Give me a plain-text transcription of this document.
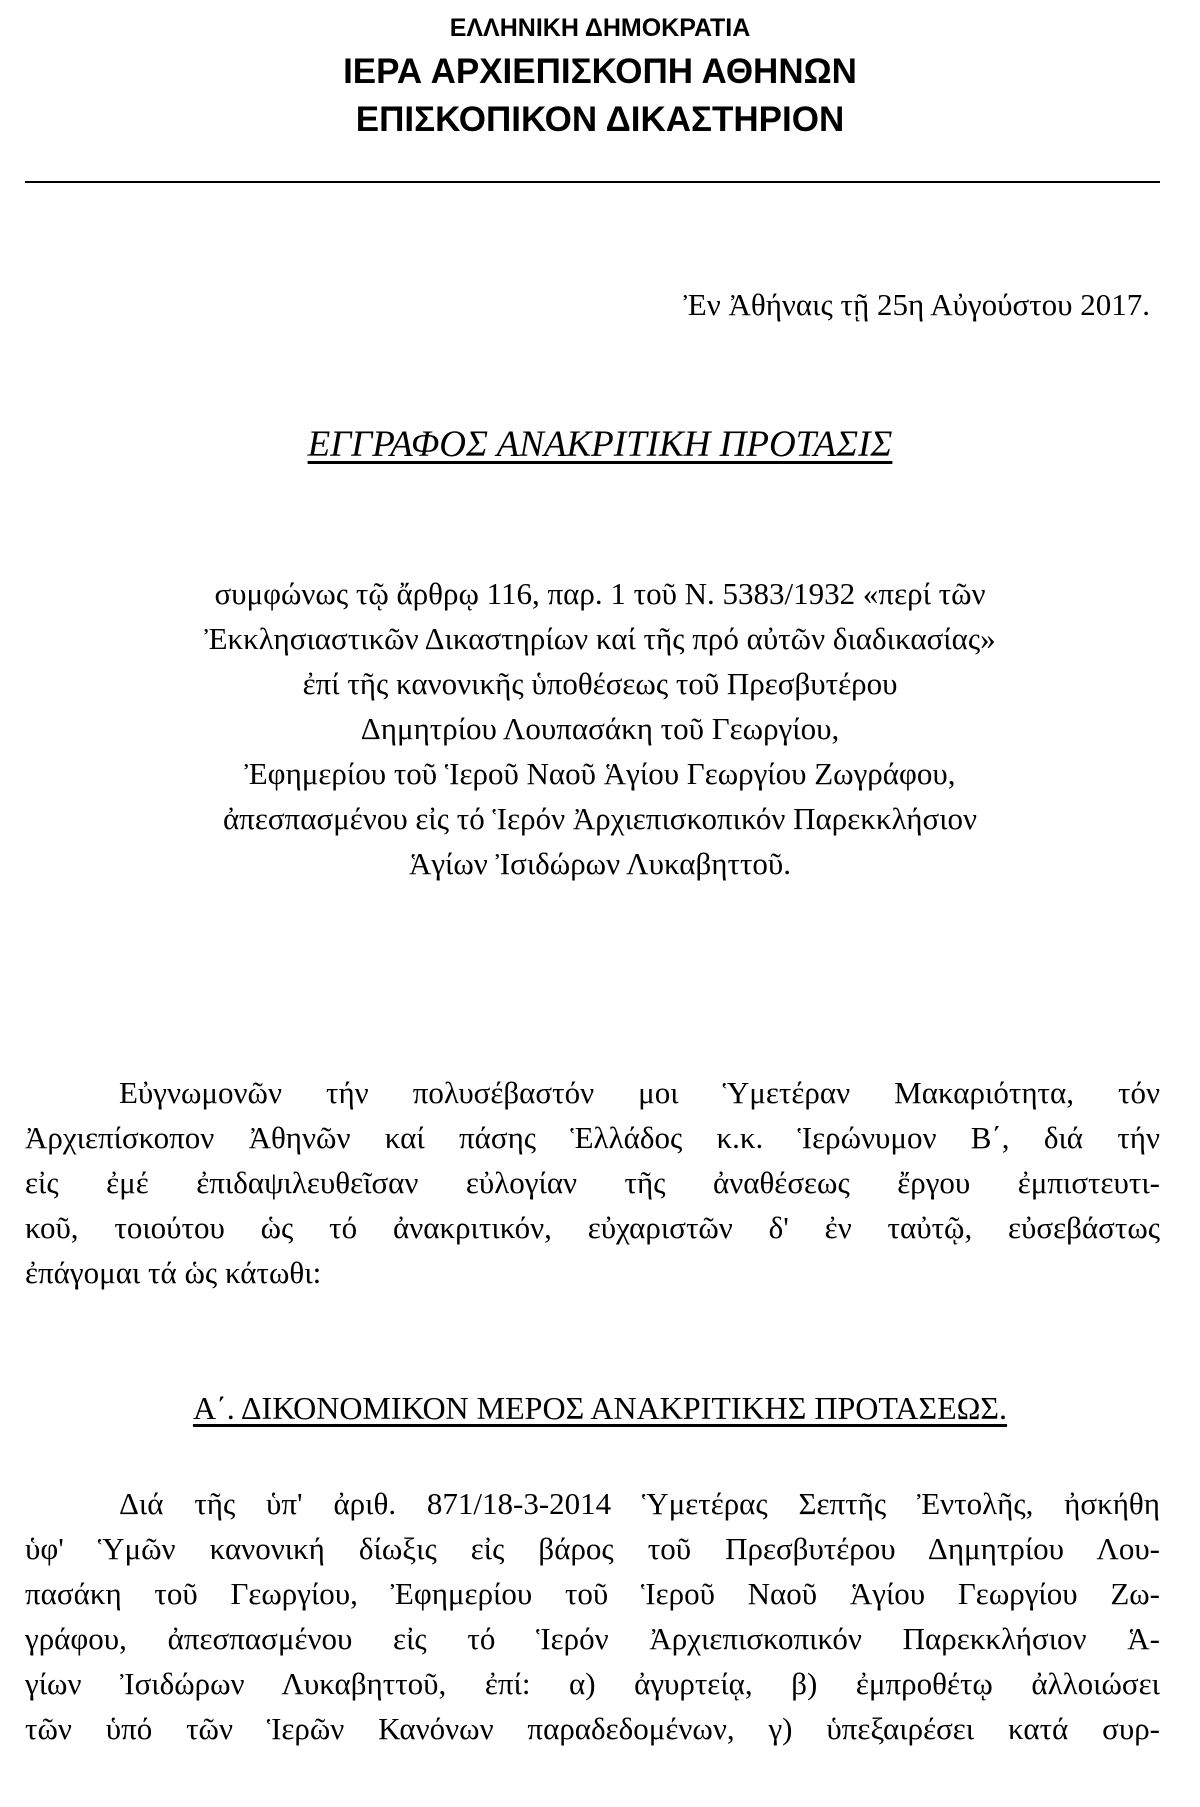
ΕΛΛΗΝΙΚΗ ΔΗΜΟΚΡΑΤΙΑ
ΙΕΡΑ ΑΡΧΙΕΠΙΣΚΟΠΗ ΑΘΗΝΩΝ
ΕΠΙΣΚΟΠΙΚΟΝ ΔΙΚΑΣΤΗΡΙΟΝ
Ἐν Ἀθήναις τῇ 25η Αὐγούστου 2017.
ΕΓΓΡΑΦΟΣ ΑΝΑΚΡΙΤΙΚΗ ΠΡΟΤΑΣΙΣ
συμφώνως τῷ ἄρθρῳ 116, παρ. 1 τοῦ Ν. 5383/1932 «περί τῶν
Ἐκκλησιαστικῶν Δικαστηρίων καί τῆς πρό αὐτῶν διαδικασίας»
ἐπί τῆς κανονικῆς ὑποθέσεως τοῦ Πρεσβυτέρου
Δημητρίου Λουπασάκη τοῦ Γεωργίου,
Ἐφημερίου τοῦ Ἱεροῦ Ναοῦ Ἁγίου Γεωργίου Ζωγράφου,
ἀπεσπασμένου εἰς τό Ἱερόν Ἀρχιεπισκοπικόν Παρεκκλήσιον
Ἁγίων Ἰσιδώρων Λυκαβηττοῦ.
Εὐγνωμονῶν τήν πολυσέβαστόν μοι Ὑμετέραν Μακαριότητα, τόν
Ἀρχιεπίσκοπον Ἀθηνῶν καί πάσης Ἑλλάδος κ.κ. Ἱερώνυμον Β΄, διά τήν
εἰς ἐμέ ἐπιδαψιλευθεῖσαν εὐλογίαν τῆς ἀναθέσεως ἔργου ἐμπιστευτι-
κοῦ, τοιούτου ὡς τό ἀνακριτικόν, εὐχαριστῶν δ' ἐν ταὐτῷ, εὐσεβάστως
ἐπάγομαι τά ὡς κάτωθι:
Α΄. ΔΙΚΟΝΟΜΙΚΟΝ ΜΕΡΟΣ ΑΝΑΚΡΙΤΙΚΗΣ ΠΡΟΤΑΣΕΩΣ.
Διά τῆς ὑπ' ἀριθ. 871/18-3-2014 Ὑμετέρας Σεπτῆς Ἐντολῆς, ἠσκήθη
ὑφ' Ὑμῶν κανονική δίωξις εἰς βάρος τοῦ Πρεσβυτέρου Δημητρίου Λου-
πασάκη τοῦ Γεωργίου, Ἐφημερίου τοῦ Ἱεροῦ Ναοῦ Ἁγίου Γεωργίου Ζω-
γράφου, ἀπεσπασμένου εἰς τό Ἱερόν Ἀρχιεπισκοπικόν Παρεκκλήσιον Ἁ-
γίων Ἰσιδώρων Λυκαβηττοῦ, ἐπί: α) ἀγυρτείᾳ, β) ἐμπροθέτῳ ἀλλοιώσει
τῶν ὑπό τῶν Ἱερῶν Κανόνων παραδεδομένων, γ) ὑπεξαιρέσει κατά συρ-
